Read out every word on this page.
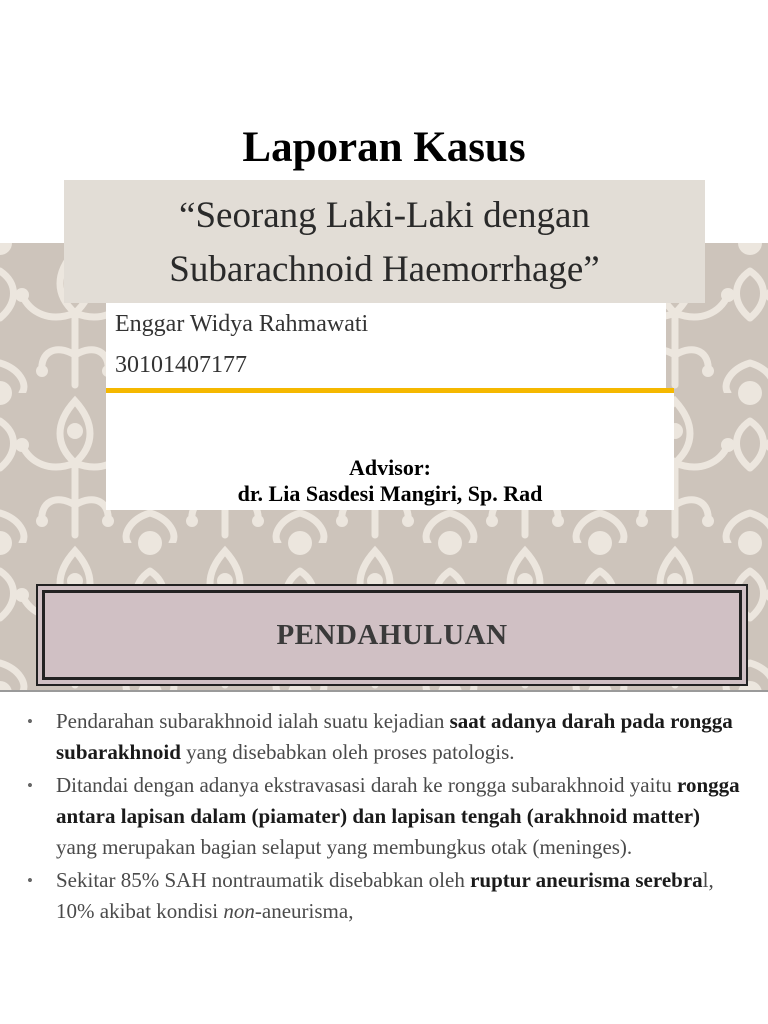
Laporan Kasus
“Seorang Laki-Laki dengan
Subarachnoid Haemorrhage”
Enggar Widya Rahmawati
30101407177
Advisor:
dr. Lia Sasdesi Mangiri, Sp. Rad
PENDAHULUAN
• Pendarahan subarakhnoid ialah suatu kejadian saat adanya darah pada rongga subarakhnoid yang disebabkan oleh proses patologis.
• Ditandai dengan adanya ekstravasasi darah ke rongga subarakhnoid yaitu rongga antara lapisan dalam (piamater) dan lapisan tengah (arakhnoid matter) yang merupakan bagian selaput yang membungkus otak (meninges).
• Sekitar 85% SAH nontraumatik disebabkan oleh ruptur aneurisma serebral, 10% akibat kondisi non-aneurisma,
